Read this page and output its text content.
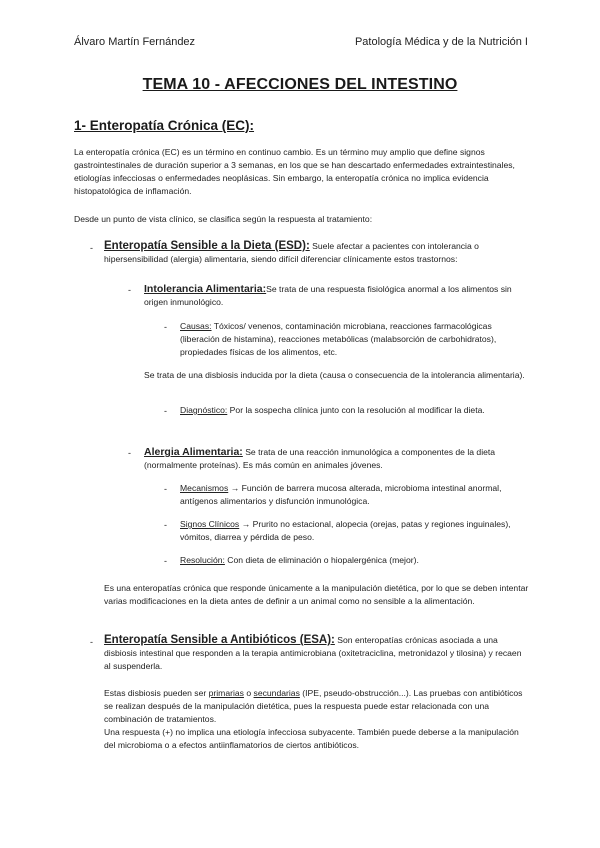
Álvaro Martín Fernández	Patología Médica y de la Nutrición I
TEMA 10 - AFECCIONES DEL INTESTINO
1- Enteropatía Crónica (EC):
La enteropatía crónica (EC) es un término en continuo cambio. Es un término muy amplio que define signos gastrointestinales de duración superior a 3 semanas, en los que se han descartado enfermedades extraintestinales, etiologías infecciosas o enfermedades neoplásicas. Sin embargo, la enteropatía crónica no implica evidencia histopatológica de inflamación.
Desde un punto de vista clínico, se clasifica según la respuesta al tratamiento:
- Enteropatía Sensible a la Dieta (ESD): Suele afectar a pacientes con intolerancia o hipersensibilidad (alergia) alimentaria, siendo difícil diferenciar clínicamente estos trastornos:
- Intolerancia Alimentaria:Se trata de una respuesta fisiológica anormal a los alimentos sin origen inmunológico.
- Causas: Tóxicos/ venenos, contaminación microbiana, reacciones farmacológicas (liberación de histamina), reacciones metabólicas (malabsorción de carbohidratos), propiedades físicas de los alimentos, etc.
Se trata de una disbiosis inducida por la dieta (causa o consecuencia de la intolerancia alimentaria).
- Diagnóstico: Por la sospecha clínica junto con la resolución al modificar la dieta.
- Alergia Alimentaria: Se trata de una reacción inmunológica a componentes de la dieta (normalmente proteínas). Es más común en animales jóvenes.
- Mecanismos → Función de barrera mucosa alterada, microbioma intestinal anormal, antígenos alimentarios y disfunción inmunológica.
- Signos Clínicos → Prurito no estacional, alopecia (orejas, patas y regiones inguinales), vómitos, diarrea y pérdida de peso.
- Resolución: Con dieta de eliminación o hiopalergénica (mejor).
Es una enteropatías crónica que responde únicamente a la manipulación dietética, por lo que se deben intentar varias modificaciones en la dieta antes de definir a un animal como no sensible a la alimentación.
- Enteropatía Sensible a Antibióticos (ESA): Son enteropatías crónicas asociada a una disbiosis intestinal que responden a la terapia antimicrobiana (oxitetraciclina, metronidazol y tilosina) y recaen al suspenderla.
Estas disbiosis pueden ser primarias o secundarias (IPE, pseudo-obstrucción...). Las pruebas con antibióticos se realizan después de la manipulación dietética, pues la respuesta puede estar relacionada con una combinación de tratamientos.
Una respuesta (+) no implica una etiología infecciosa subyacente. También puede deberse a la manipulación del microbioma o a efectos antiinflamatorios de ciertos antibióticos.
